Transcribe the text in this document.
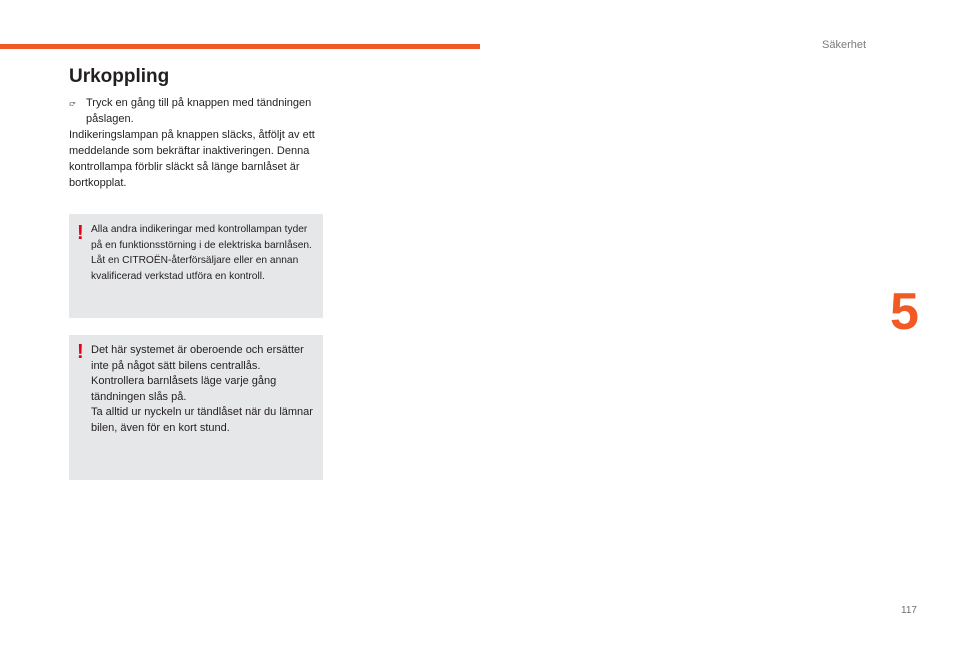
Säkerhet
5
Urkoppling
👉︎ Tryck en gång till på knappen med tändningen påslagen.

Indikeringslampan på knappen släcks, åtföljt av ett meddelande som bekräftar inaktiveringen. Denna kontrollampa förblir släckt så länge barnlåset är bortkopplat.

! Alla andra indikeringar med kontrollampan tyder på en funktionsstörning i de elektriska barnlåsen.

Låt en CITROËN-återförsäljare eller en annan kvalificerad verkstad utföra en kontroll.

! Det här systemet är oberoende och ersätter inte på något sätt bilens centrallås.

Kontrollera barnlåsets läge varje gång tändningen slås på.

Ta alltid ur nyckeln ur tändlåset när du lämnar bilen, även för en kort stund.

117
